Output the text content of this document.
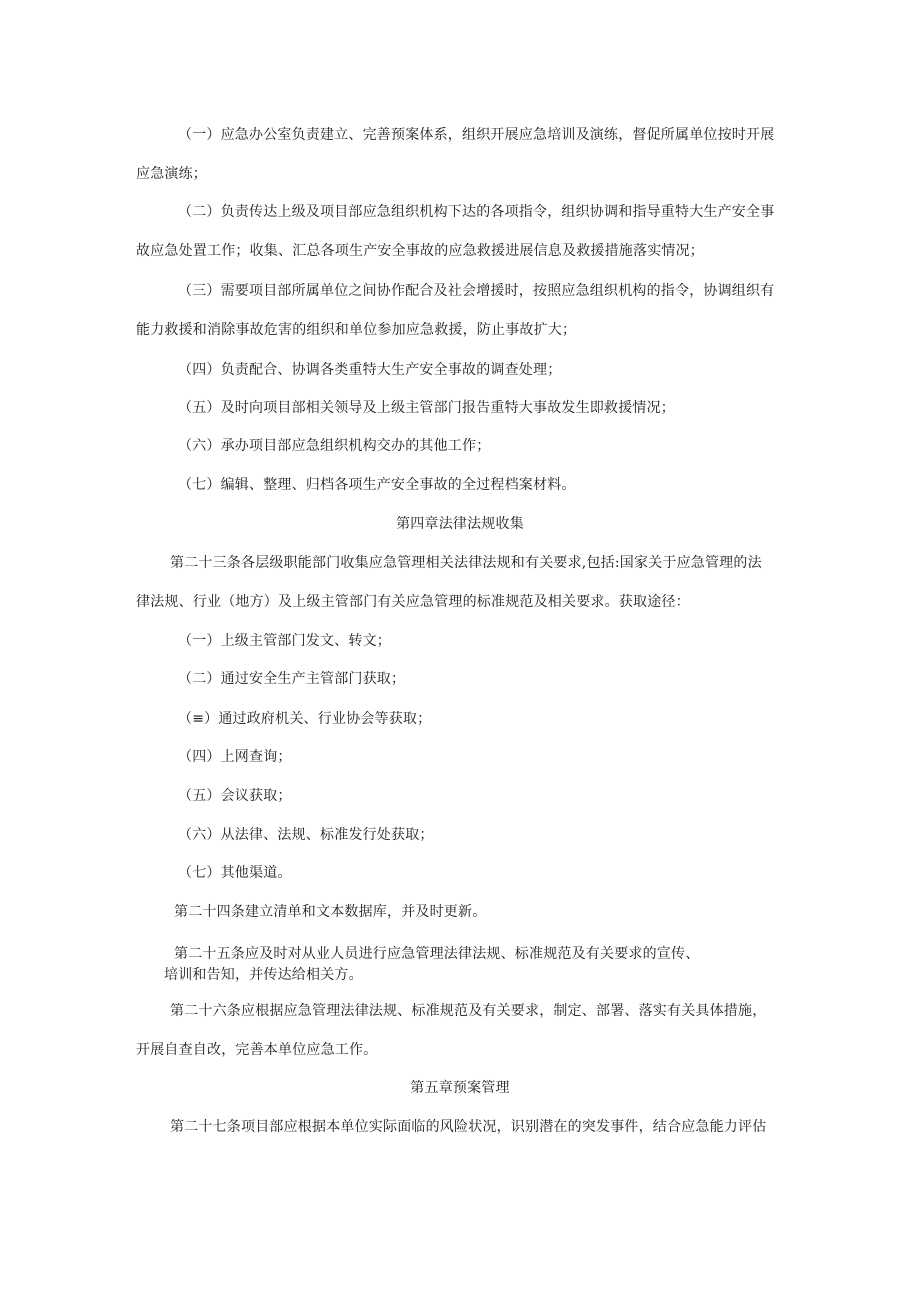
（一）应急办公室负责建立、完善预案体系，组织开展应急培训及演练，督促所属单位按时开展
应急演练；
（二）负责传达上级及项目部应急组织机构下达的各项指令，组织协调和指导重特大生产安全事
故应急处置工作；收集、汇总各项生产安全事故的应急救援进展信息及救援措施落实情况；
（三）需要项目部所属单位之间协作配合及社会增援时，按照应急组织机构的指令，协调组织有
能力救援和消除事故危害的组织和单位参加应急救援，防止事故扩大；
（四）负责配合、协调各类重特大生产安全事故的调查处理；
（五）及时向项目部相关领导及上级主管部门报告重特大事故发生即救援情况；
（六）承办项目部应急组织机构交办的其他工作；
（七）编辑、整理、归档各项生产安全事故的全过程档案材料。
第四章法律法规收集
第二十三条各层级职能部门收集应急管理相关法律法规和有关要求,包括:国家关于应急管理的法
律法规、行业（地方）及上级主管部门有关应急管理的标准规范及相关要求。获取途径：
（一）上级主管部门发文、转文；
（二）通过安全生产主管部门获取；
（≡）通过政府机关、行业协会等获取；
（四）上网查询；
（五）会议获取；
（六）从法律、法规、标准发行处获取；
（七）其他渠道。
第二十四条建立清单和文本数据库，并及时更新。
第二十五条应及时对从业人员进行应急管理法律法规、标准规范及有关要求的宣传、
培训和告知，并传达给相关方。
第二十六条应根据应急管理法律法规、标准规范及有关要求，制定、部署、落实有关具体措施，
开展自查自改，完善本单位应急工作。
第五章预案管理
第二十七条项目部应根据本单位实际面临的风险状况，识别潜在的突发事件，结合应急能力评估
